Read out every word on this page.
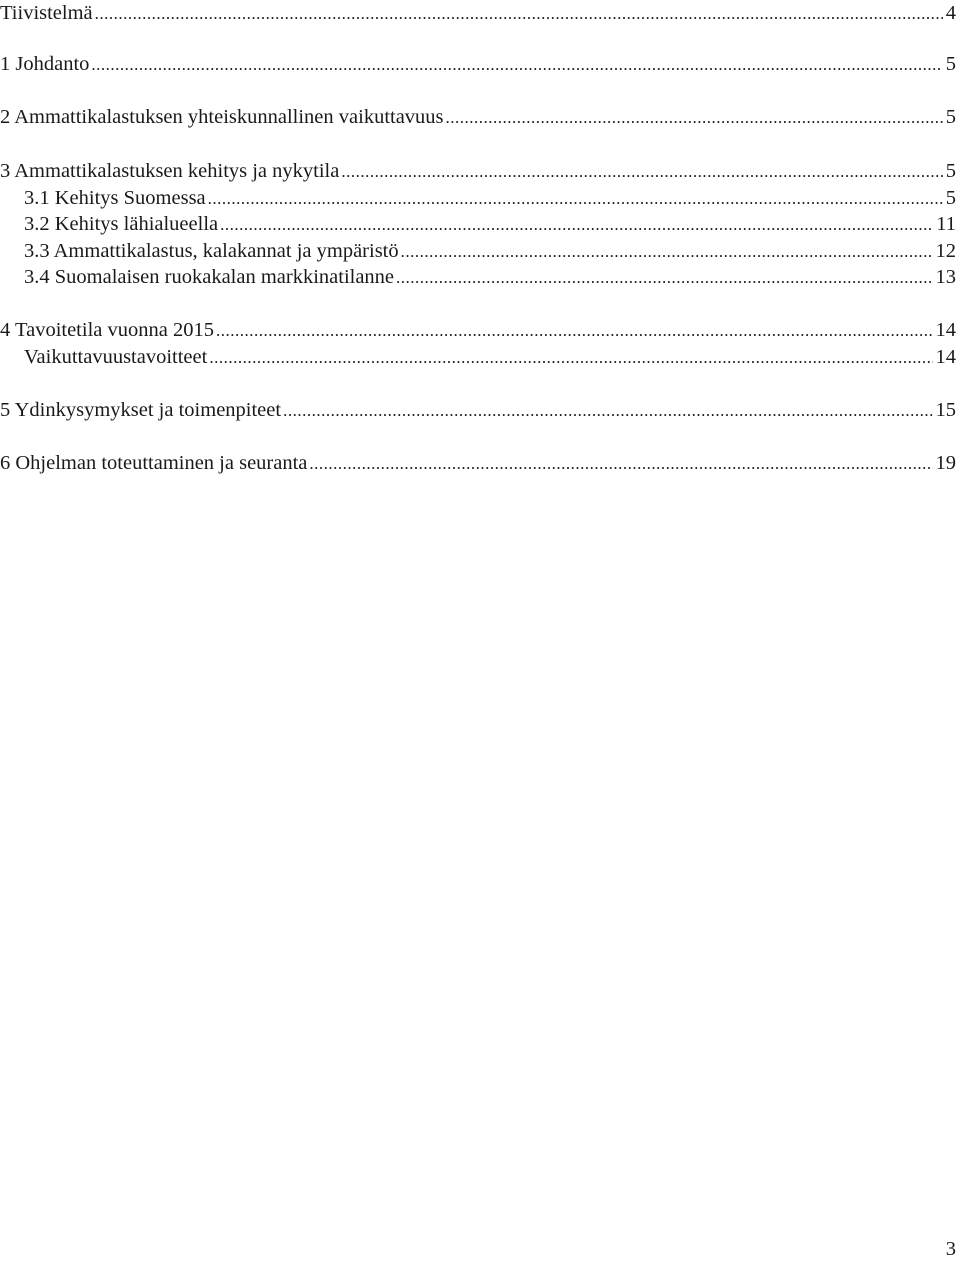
Tiivistelmä .....	4
1 Johdanto .....	5
2 Ammattikalastuksen yhteiskunnallinen vaikuttavuus .....	5
3 Ammattikalastuksen kehitys ja nykytila .....	5
3.1 Kehitys Suomessa .....	5
3.2 Kehitys lähialueella .....	11
3.3 Ammattikalastus, kalakannat ja ympäristö .....	12
3.4 Suomalaisen ruokakalan markkinatilanne .....	13
4 Tavoitetila vuonna 2015 .....	14
Vaikuttavuustavoitteet .....	14
5 Ydinkysymykset ja toimenpiteet .....	15
6 Ohjelman toteuttaminen ja seuranta .....	19
3
